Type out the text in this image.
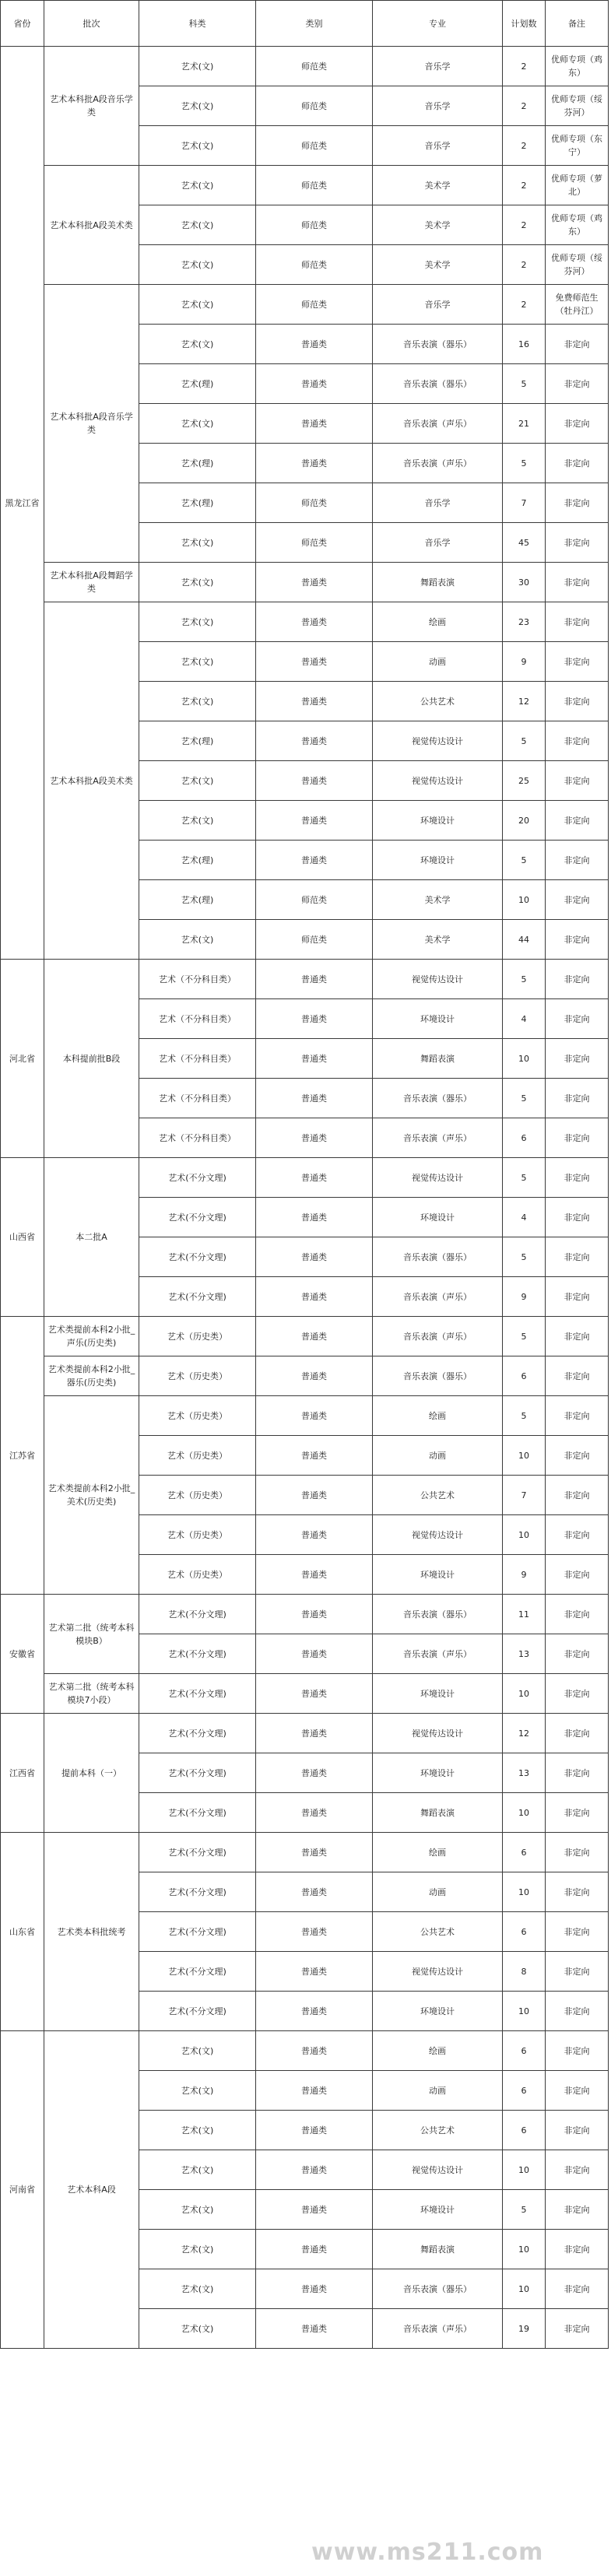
省份	批次	科类	类别	专业	计划数	备注
黑龙江省	艺术本科批A段音乐学类	艺术(文)	师范类	音乐学	2	优师专项（鸡东）
		艺术(文)	师范类	音乐学	2	优师专项（绥芬河）
		艺术(文)	师范类	音乐学	2	优师专项（东宁）
	艺术本科批A段美术类	艺术(文)	师范类	美术学	2	优师专项（萝北）
		艺术(文)	师范类	美术学	2	优师专项（鸡东）
		艺术(文)	师范类	美术学	2	优师专项（绥芬河）
	艺术本科批A段音乐学类	艺术(文)	师范类	音乐学	2	免费师范生（牡丹江）
		艺术(文)	普通类	音乐表演（器乐）	16	非定向
		艺术(理)	普通类	音乐表演（器乐）	5	非定向
		艺术(文)	普通类	音乐表演（声乐）	21	非定向
		艺术(理)	普通类	音乐表演（声乐）	5	非定向
		艺术(理)	师范类	音乐学	7	非定向
		艺术(文)	师范类	音乐学	45	非定向
	艺术本科批A段舞蹈学类	艺术(文)	普通类	舞蹈表演	30	非定向
	艺术本科批A段美术类	艺术(文)	普通类	绘画	23	非定向
		艺术(文)	普通类	动画	9	非定向
		艺术(文)	普通类	公共艺术	12	非定向
		艺术(理)	普通类	视觉传达设计	5	非定向
		艺术(文)	普通类	视觉传达设计	25	非定向
		艺术(文)	普通类	环境设计	20	非定向
		艺术(理)	普通类	环境设计	5	非定向
		艺术(理)	师范类	美术学	10	非定向
		艺术(文)	师范类	美术学	44	非定向
河北省	本科提前批B段	艺术（不分科目类）	普通类	视觉传达设计	5	非定向
		艺术（不分科目类）	普通类	环境设计	4	非定向
		艺术（不分科目类）	普通类	舞蹈表演	10	非定向
		艺术（不分科目类）	普通类	音乐表演（器乐）	5	非定向
		艺术（不分科目类）	普通类	音乐表演（声乐）	6	非定向
山西省	本二批A	艺术(不分文理)	普通类	视觉传达设计	5	非定向
		艺术(不分文理)	普通类	环境设计	4	非定向
		艺术(不分文理)	普通类	音乐表演（器乐）	5	非定向
		艺术(不分文理)	普通类	音乐表演（声乐）	9	非定向
江苏省	艺术类提前本科2小批_声乐(历史类)	艺术（历史类）	普通类	音乐表演（声乐）	5	非定向
	艺术类提前本科2小批_器乐(历史类)	艺术（历史类）	普通类	音乐表演（器乐）	6	非定向
	艺术类提前本科2小批_美术(历史类)	艺术（历史类）	普通类	绘画	5	非定向
		艺术（历史类）	普通类	动画	10	非定向
		艺术（历史类）	普通类	公共艺术	7	非定向
		艺术（历史类）	普通类	视觉传达设计	10	非定向
		艺术（历史类）	普通类	环境设计	9	非定向
安徽省	艺术第二批（统考本科模块B）	艺术(不分文理)	普通类	音乐表演（器乐）	11	非定向
		艺术(不分文理)	普通类	音乐表演（声乐）	13	非定向
	艺术第二批（统考本科模块7小段）	艺术(不分文理)	普通类	环境设计	10	非定向
江西省	提前本科（一）	艺术(不分文理)	普通类	视觉传达设计	12	非定向
		艺术(不分文理)	普通类	环境设计	13	非定向
		艺术(不分文理)	普通类	舞蹈表演	10	非定向
山东省	艺术类本科批统考	艺术(不分文理)	普通类	绘画	6	非定向
		艺术(不分文理)	普通类	动画	10	非定向
		艺术(不分文理)	普通类	公共艺术	6	非定向
		艺术(不分文理)	普通类	视觉传达设计	8	非定向
		艺术(不分文理)	普通类	环境设计	10	非定向
河南省	艺术本科A段	艺术(文)	普通类	绘画	6	非定向
		艺术(文)	普通类	动画	6	非定向
		艺术(文)	普通类	公共艺术	6	非定向
		艺术(文)	普通类	视觉传达设计	10	非定向
		艺术(文)	普通类	环境设计	5	非定向
		艺术(文)	普通类	舞蹈表演	10	非定向
		艺术(文)	普通类	音乐表演（器乐）	10	非定向
		艺术(文)	普通类	音乐表演（声乐）	19	非定向
www.ms211.com
